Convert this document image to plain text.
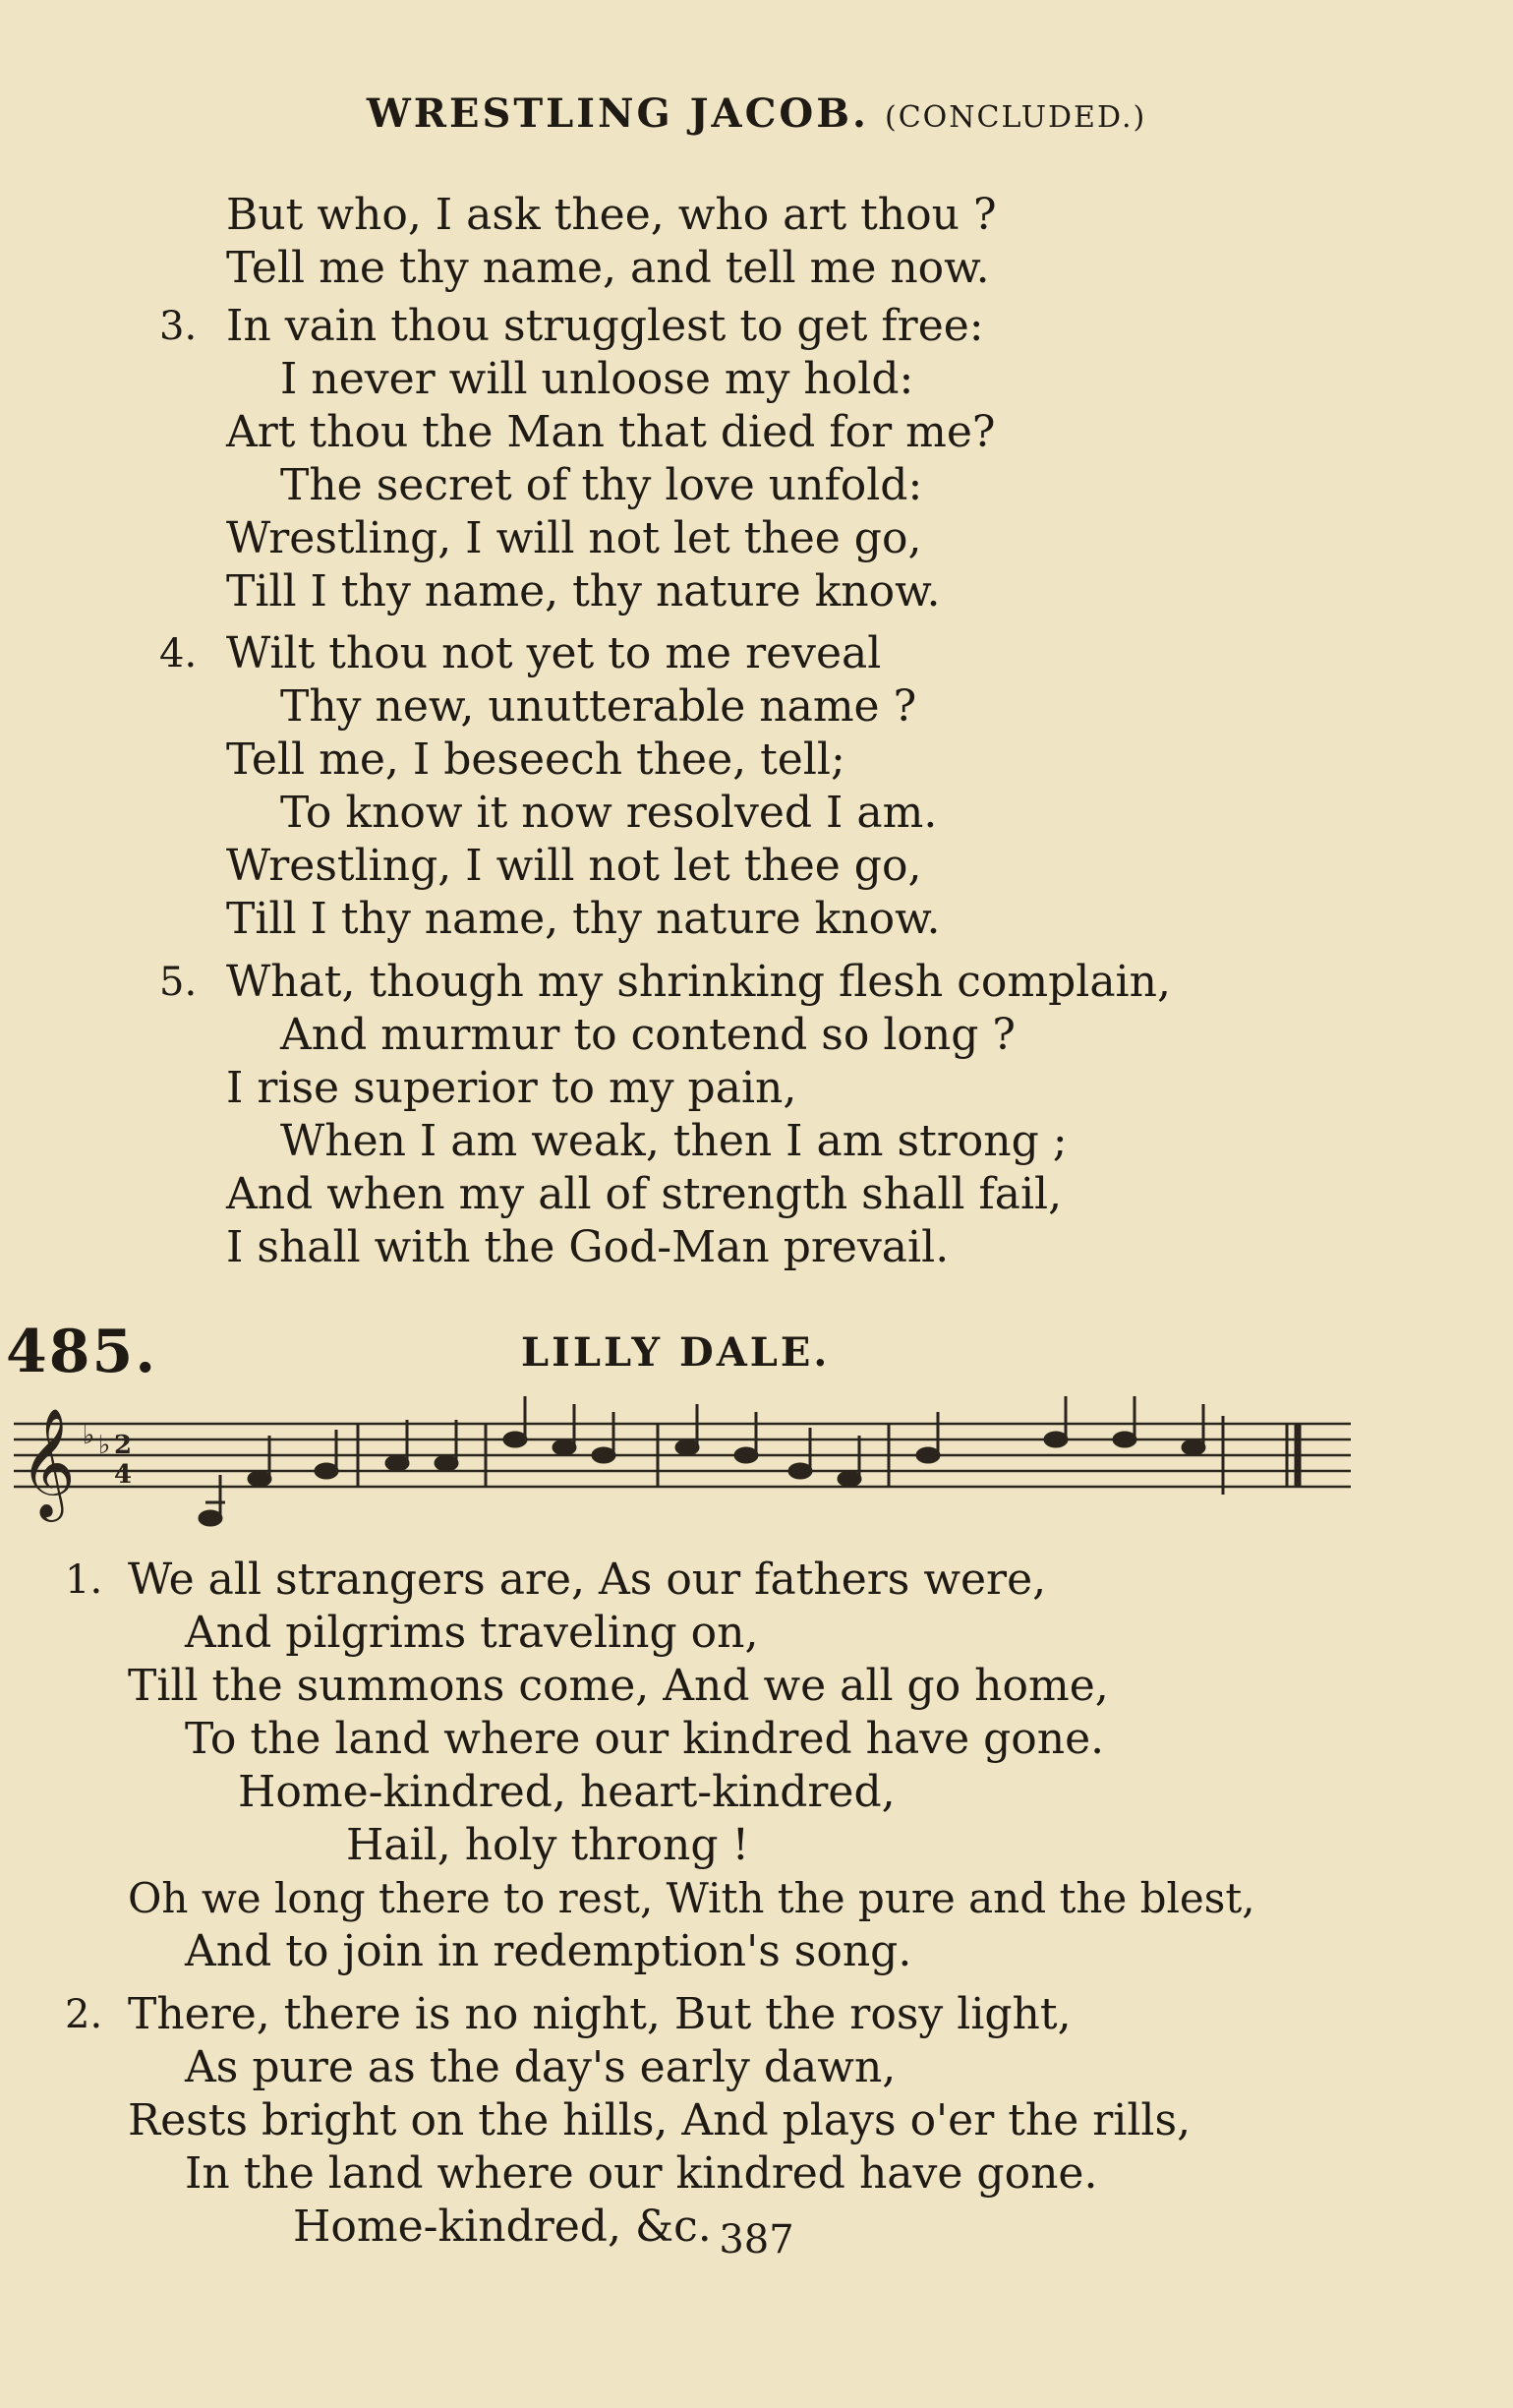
WRESTLING JACOB. (CONCLUDED.)
But who, I ask thee, who art thou ?
Tell me thy name, and tell me now.
3. In vain thou strugglest to get free:
I never will unloose my hold:
Art thou the Man that died for me?
The secret of thy love unfold:
Wrestling, I will not let thee go,
Till I thy name, thy nature know.
4. Wilt thou not yet to me reveal
Thy new, unutterable name ?
Tell me, I beseech thee, tell;
To know it now resolved I am.
Wrestling, I will not let thee go,
Till I thy name, thy nature know.
5. What, though my shrinking flesh complain,
And murmur to contend so long ?
I rise superior to my pain,
When I am weak, then I am strong ;
And when my all of strength shall fail,
I shall with the God-Man prevail.
485.	LILLY DALE.
𝄞 ♭ ♭ 2
4
1. We all strangers are, As our fathers were,
And pilgrims traveling on,
Till the summons come, And we all go home,
To the land where our kindred have gone.
Home-kindred, heart-kindred,
Hail, holy throng !
Oh we long there to rest, With the pure and the blest,
And to join in redemption's song.
2. There, there is no night, But the rosy light,
As pure as the day's early dawn,
Rests bright on the hills, And plays o'er the rills,
In the land where our kindred have gone.
Home-kindred, &c. 387
